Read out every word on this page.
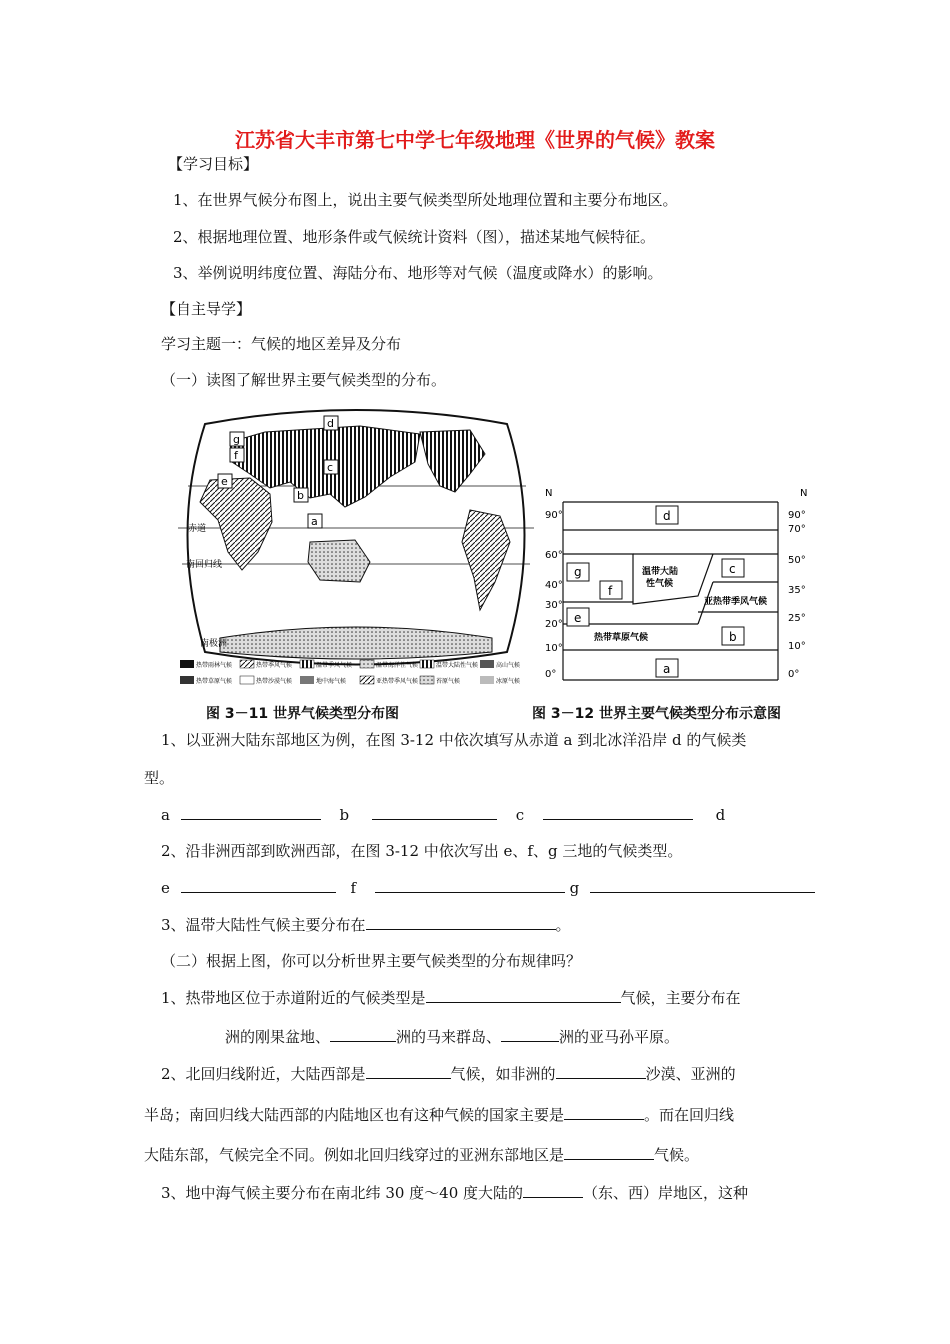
江苏省大丰市第七中学七年级地理《世界的气候》教案
【学习目标】
1、在世界气候分布图上，说出主要气候类型所处地理位置和主要分布地区。
2、根据地理位置、地形条件或气候统计资料（图），描述某地气候特征。
3、举例说明纬度位置、海陆分布、地形等对气候（温度或降水）的影响。
【自主导学】
学习主题一：气候的地区差异及分布
（一）读图了解世界主要气候类型的分布。
赤道
南回归线
南极洲
g
f
e
d
c
b
a
热带雨林气候	热带季风气候	温带季风气候	温带海洋性气候	温带大陆性气候	高山气候
热带草原气候	热带沙漠气候	地中海气候	亚热带季风气候	苔原气候	冰原气候
N
90°
60°
40°
30°
20°
10°
0°
N
90°
70°
50°
35°
25°
10°
0°
d
g
f
e
c
b
a
温带大陆
性气候
亚热带季风气候
热带草原气候
图 3－11 世界气候类型分布图	图 3－12 世界主要气候类型分布示意图
1、以亚洲大陆东部地区为例，在图 3-12 中依次填写从赤道 a 到北冰洋沿岸 d 的气候类
型。
a	b	c	d
2、沿非洲西部到欧洲西部，在图 3-12 中依次写出 e、f、g 三地的气候类型。
e	f	g
3、温带大陆性气候主要分布在	。
（二）根据上图，你可以分析世界主要气候类型的分布规律吗？
1、热带地区位于赤道附近的气候类型是	气候，主要分布在
洲的刚果盆地、	洲的马来群岛、	洲的亚马孙平原。
2、北回归线附近，大陆西部是	气候，如非洲的	沙漠、亚洲的
半岛；南回归线大陆西部的内陆地区也有这种气候的国家主要是	。而在回归线
大陆东部，气候完全不同。例如北回归线穿过的亚洲东部地区是	气候。
3、地中海气候主要分布在南北纬 30 度～40 度大陆的	（东、西）岸地区，这种
